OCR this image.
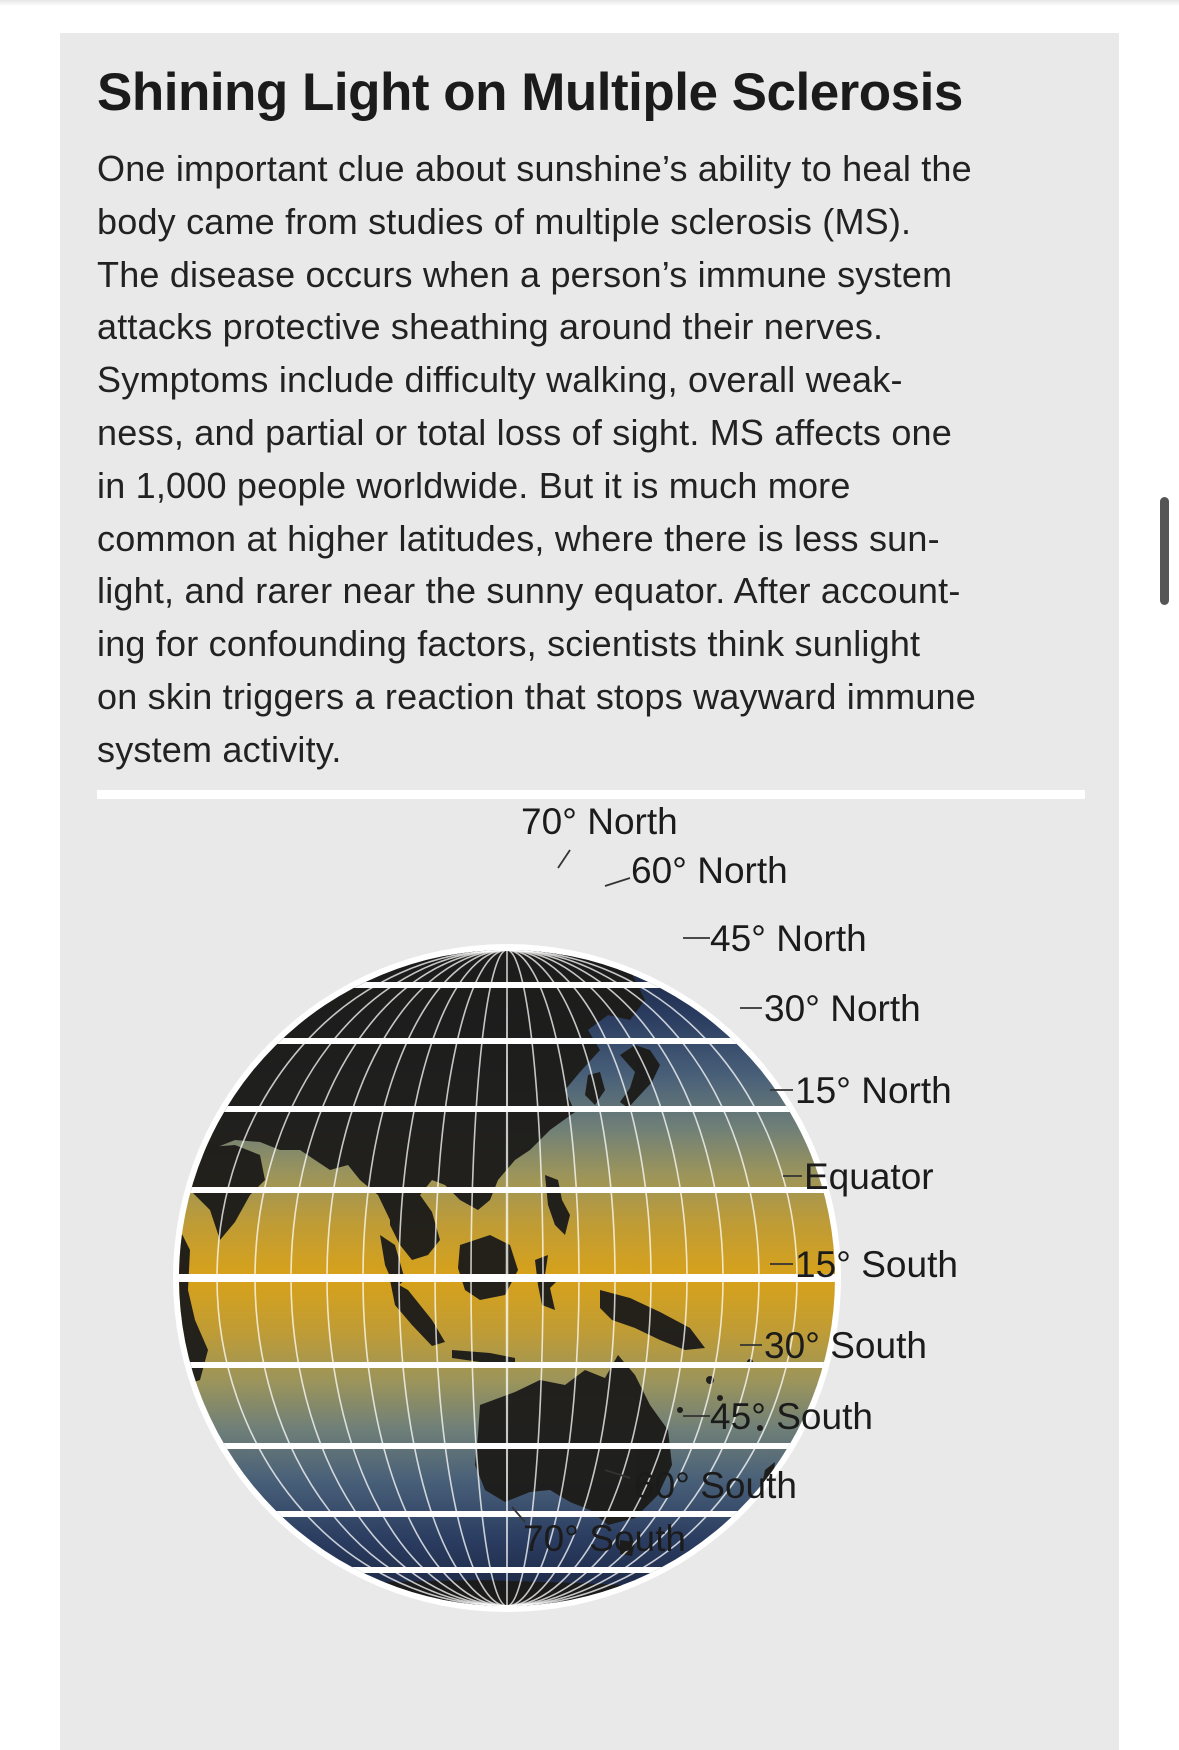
Shining Light on Multiple Sclerosis
One important clue about sunshine’s ability to heal the
body came from studies of multiple sclerosis (MS).
The disease occurs when a person’s immune system
attacks protective sheathing around their nerves.
Symptoms include difficulty walking, overall weak-
ness, and partial or total loss of sight. MS affects one
in 1,000 people worldwide. But it is much more
common at higher latitudes, where there is less sun-
light, and rarer near the sunny equator. After account-
ing for confounding factors, scientists think sunlight
on skin triggers a reaction that stops wayward immune
system activity.
70° North
60° North
45° North
30° North
15° North
Equator
15° South
30° South
45° South
60° South
70° South
